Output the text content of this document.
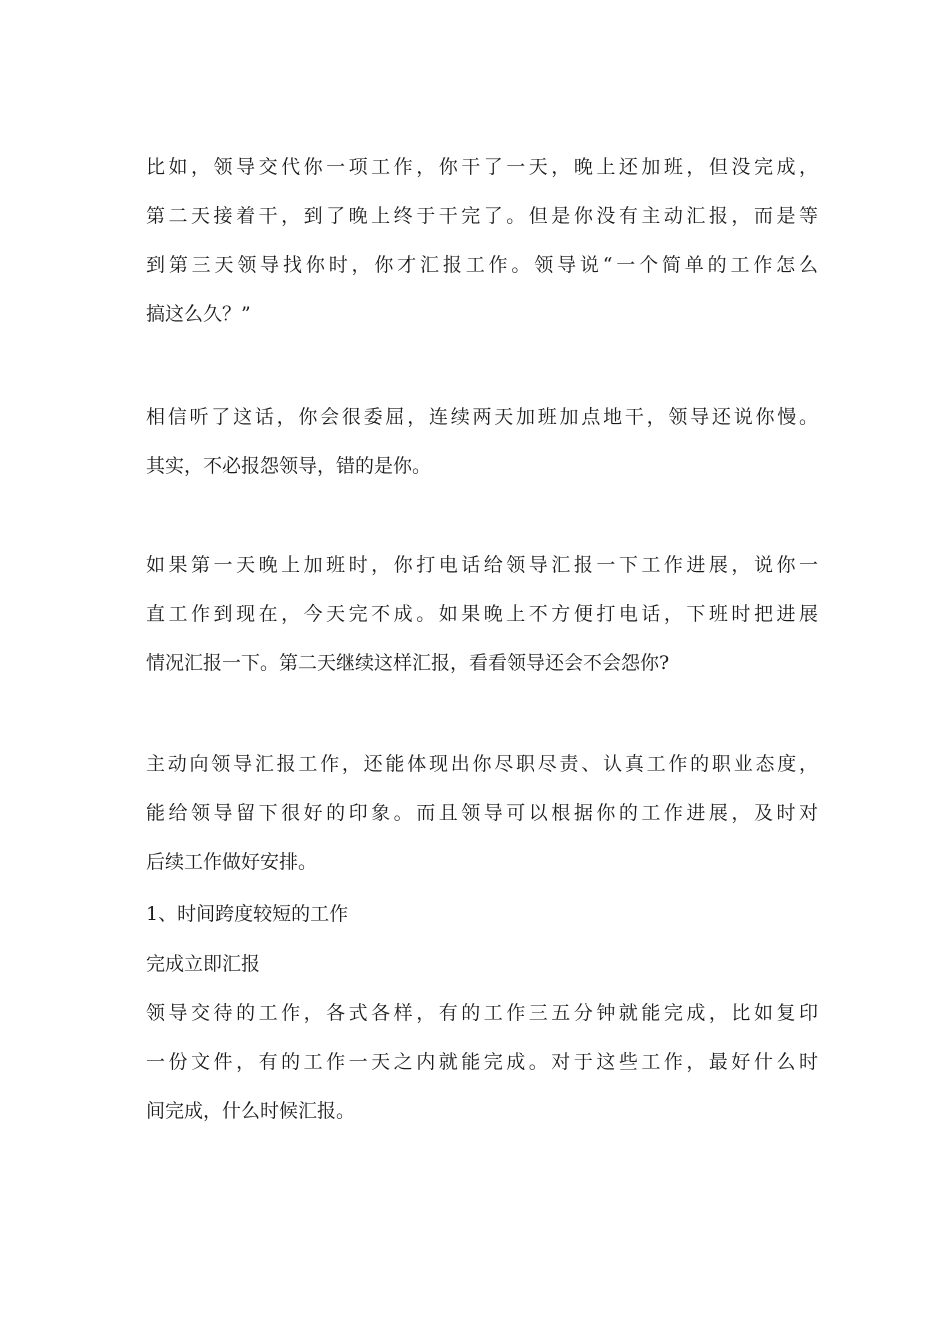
比如，领导交代你一项工作，你干了一天，晚上还加班，但没完成，
第二天接着干，到了晚上终于干完了。但是你没有主动汇报，而是等
到第三天领导找你时，你才汇报工作。领导说“一个简单的工作怎么
搞这么久？”
相信听了这话，你会很委屈，连续两天加班加点地干，领导还说你慢。
其实，不必报怨领导，错的是你。
如果第一天晚上加班时，你打电话给领导汇报一下工作进展，说你一
直工作到现在，今天完不成。如果晚上不方便打电话，下班时把进展
情况汇报一下。第二天继续这样汇报，看看领导还会不会怨你?
主动向领导汇报工作，还能体现出你尽职尽责、认真工作的职业态度，
能给领导留下很好的印象。而且领导可以根据你的工作进展，及时对
后续工作做好安排。
1、时间跨度较短的工作
完成立即汇报
领导交待的工作，各式各样，有的工作三五分钟就能完成，比如复印
一份文件，有的工作一天之内就能完成。对于这些工作，最好什么时
间完成，什么时候汇报。
